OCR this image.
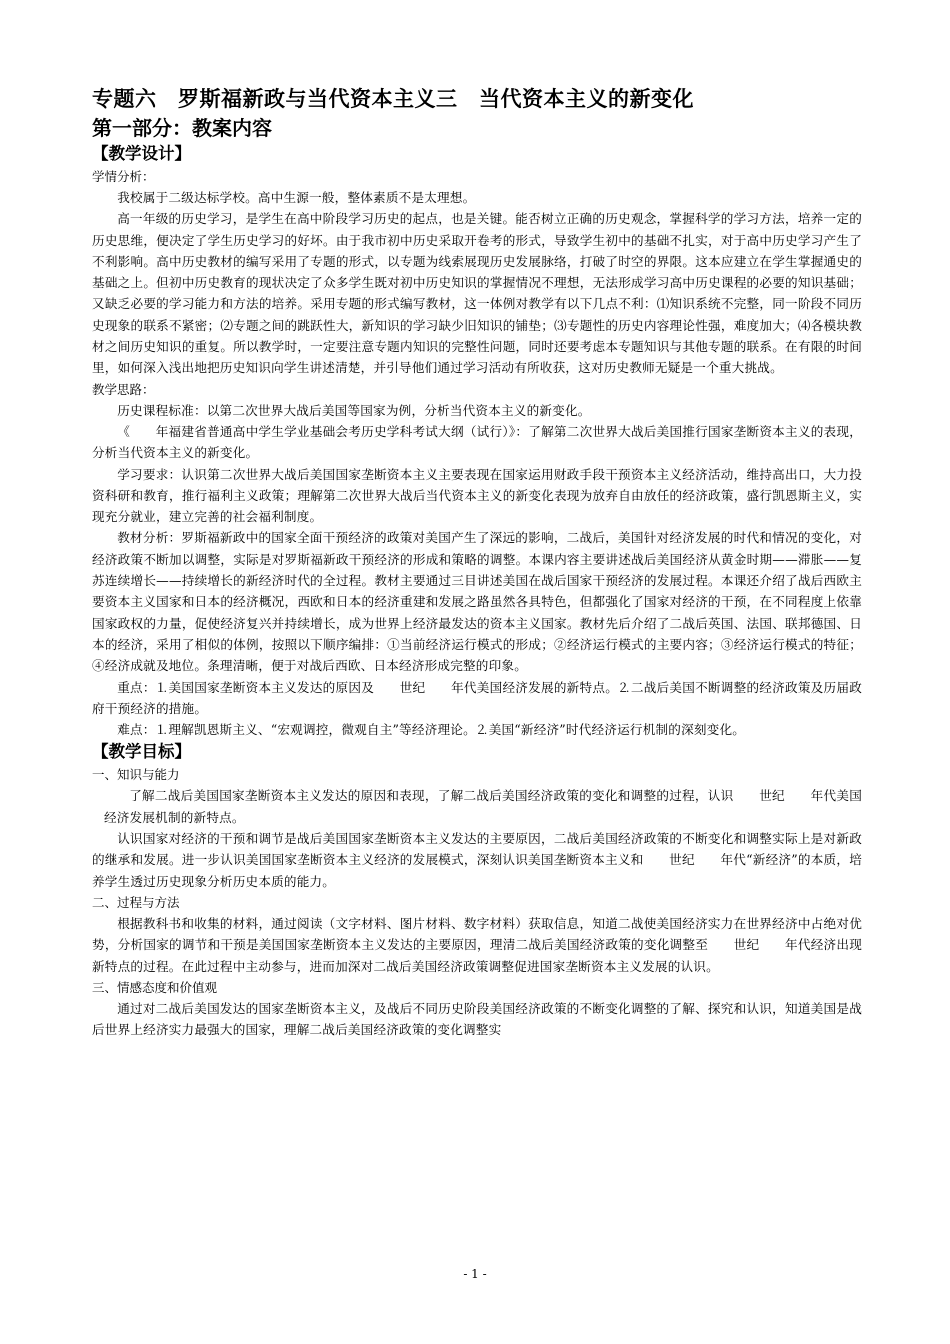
专题六　罗斯福新政与当代资本主义三　当代资本主义的新变化
第一部分：教案内容
【教学设计】

学情分析：

我校属于二级达标学校。高中生源一般，整体素质不是太理想。

高一年级的历史学习，是学生在高中阶段学习历史的起点，也是关键。能否树立正确的历史观念，掌握科学的学习方法，培养一定的历史思维，便决定了学生历史学习的好坏。由于我市初中历史采取开卷考的形式，导致学生初中的基础不扎实，对于高中历史学习产生了不利影响。高中历史教材的编写采用了专题的形式，以专题为线索展现历史发展脉络，打破了时空的界限。这本应建立在学生掌握通史的基础之上。但初中历史教育的现状决定了众多学生既对初中历史知识的掌握情况不理想，无法形成学习高中历史课程的必要的知识基础；又缺乏必要的学习能力和方法的培养。采用专题的形式编写教材，这一体例对教学有以下几点不利：⑴知识系统不完整，同一阶段不同历史现象的联系不紧密；⑵专题之间的跳跃性大，新知识的学习缺少旧知识的铺垫；⑶专题性的历史内容理论性强，难度加大；⑷各模块教材之间历史知识的重复。所以教学时，一定要注意专题内知识的完整性问题，同时还要考虑本专题知识与其他专题的联系。在有限的时间里，如何深入浅出地把历史知识向学生讲述清楚，并引导他们通过学习活动有所收获，这对历史教师无疑是一个重大挑战。

教学思路：

历史课程标准：以第二次世界大战后美国等国家为例，分析当代资本主义的新变化。

《　　年福建省普通高中学生学业基础会考历史学科考试大纲（试行）》：了解第二次世界大战后美国推行国家垄断资本主义的表现，分析当代资本主义的新变化。

学习要求：认识第二次世界大战后美国国家垄断资本主义主要表现在国家运用财政手段干预资本主义经济活动，维持高出口，大力投资科研和教育，推行福利主义政策；理解第二次世界大战后当代资本主义的新变化表现为放弃自由放任的经济政策，盛行凯恩斯主义，实现充分就业，建立完善的社会福利制度。

教材分析：罗斯福新政中的国家全面干预经济的政策对美国产生了深远的影响，二战后，美国针对经济发展的时代和情况的变化，对经济政策不断加以调整，实际是对罗斯福新政干预经济的形成和策略的调整。本课内容主要讲述战后美国经济从黄金时期——滞胀——复苏连续增长——持续增长的新经济时代的全过程。教材主要通过三目讲述美国在战后国家干预经济的发展过程。本课还介绍了战后西欧主要资本主义国家和日本的经济概况，西欧和日本的经济重建和发展之路虽然各具特色，但都强化了国家对经济的干预，在不同程度上依靠国家政权的力量，促使经济复兴并持续增长，成为世界上经济最发达的资本主义国家。教材先后介绍了二战后英国、法国、联邦德国、日本的经济，采用了相似的体例，按照以下顺序编排：①当前经济运行模式的形成；②经济运行模式的主要内容；③经济运行模式的特征；④经济成就及地位。条理清晰，便于对战后西欧、日本经济形成完整的印象。

重点：⒈美国国家垄断资本主义发达的原因及　　世纪　　年代美国经济发展的新特点。⒉二战后美国不断调整的经济政策及历届政府干预经济的措施。

难点：⒈理解凯恩斯主义、“宏观调控，微观自主”等经济理论。⒉美国“新经济”时代经济运行机制的深刻变化。

【教学目标】

一、知识与能力

了解二战后美国国家垄断资本主义发达的原因和表现，了解二战后美国经济政策的变化和调整的过程，认识　　世纪　　年代美国经济发展机制的新特点。

认识国家对经济的干预和调节是战后美国国家垄断资本主义发达的主要原因，二战后美国经济政策的不断变化和调整实际上是对新政的继承和发展。进一步认识美国国家垄断资本主义经济的发展模式，深刻认识美国垄断资本主义和　　世纪　　年代“新经济”的本质，培养学生透过历史现象分析历史本质的能力。

二、过程与方法

根据教科书和收集的材料，通过阅读（文字材料、图片材料、数字材料）获取信息，知道二战使美国经济实力在世界经济中占绝对优势，分析国家的调节和干预是美国国家垄断资本主义发达的主要原因，理清二战后美国经济政策的变化调整至　　世纪　　年代经济出现新特点的过程。在此过程中主动参与，进而加深对二战后美国经济政策调整促进国家垄断资本主义发展的认识。

三、情感态度和价值观

通过对二战后美国发达的国家垄断资本主义，及战后不同历史阶段美国经济政策的不断变化调整的了解、探究和认识，知道美国是战后世界上经济实力最强大的国家，理解二战后美国经济政策的变化调整实

- 1 -
